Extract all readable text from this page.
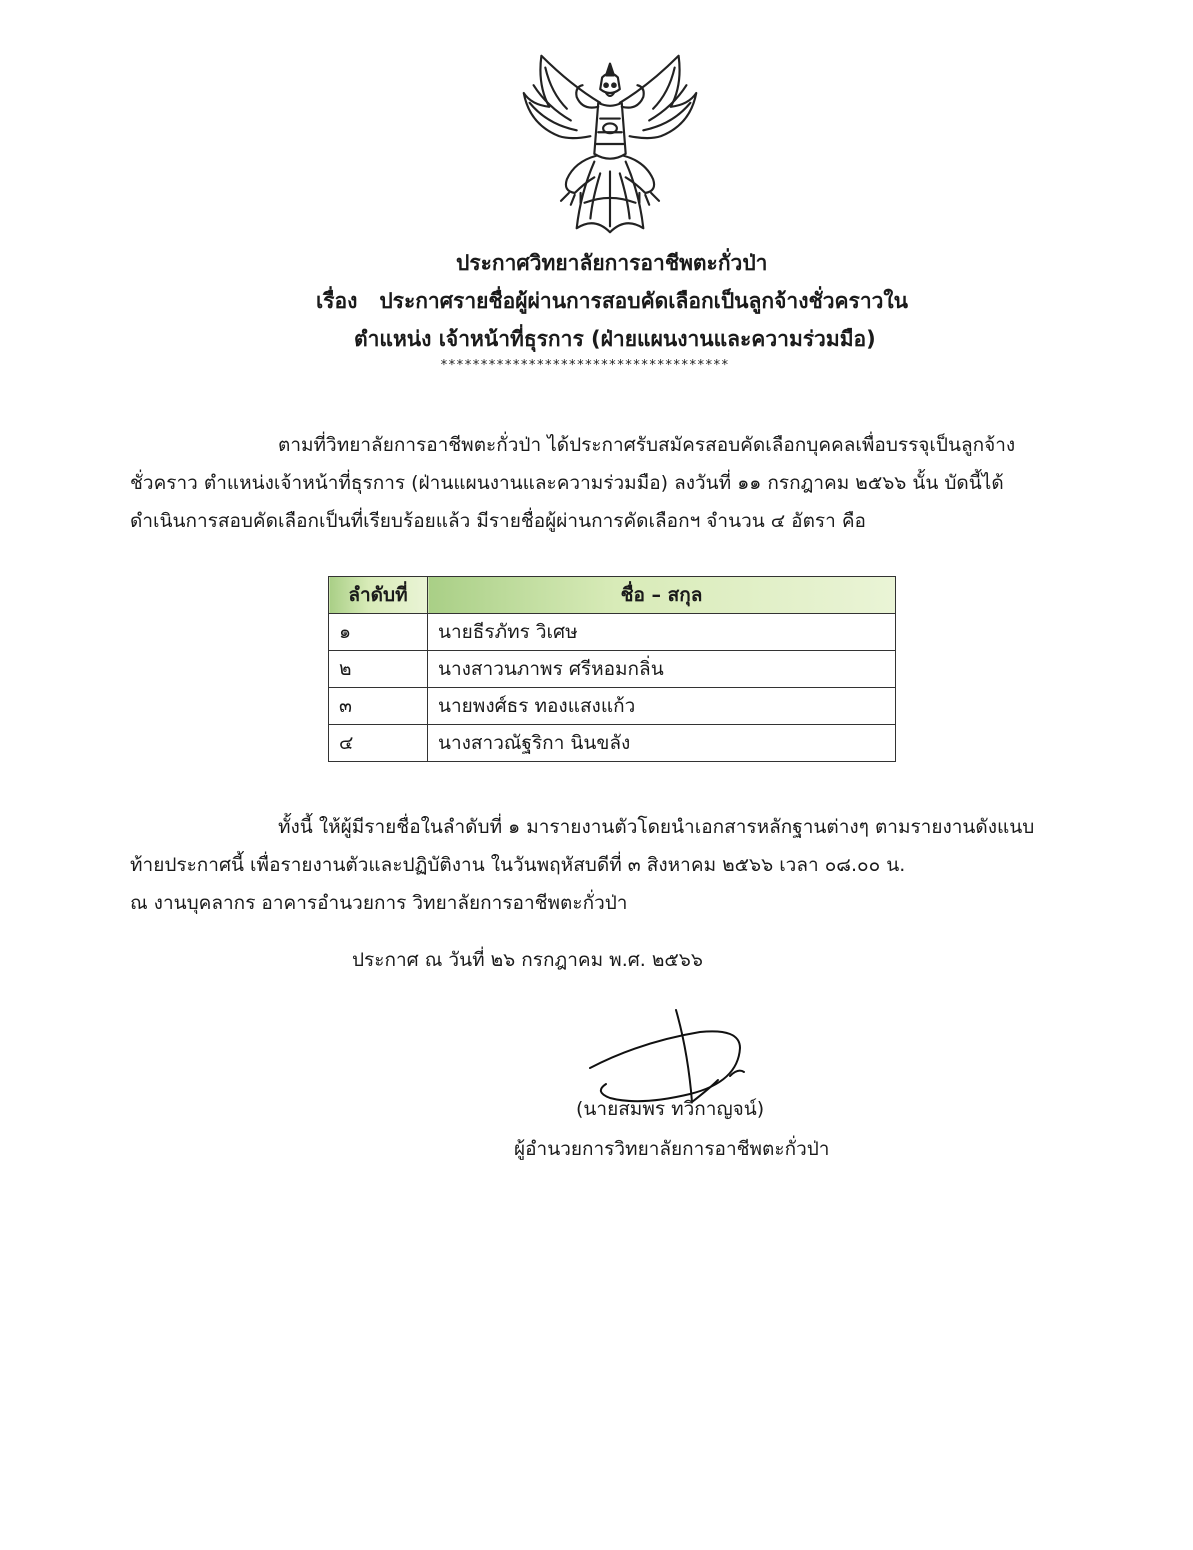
ประกาศวิทยาลัยการอาชีพตะกั่วป่า
เรื่อง ประกาศรายชื่อผู้ผ่านการสอบคัดเลือกเป็นลูกจ้างชั่วคราวใน
ตำแหน่ง เจ้าหน้าที่ธุรการ (ฝ่ายแผนงานและความร่วมมือ)
************************************
ตามที่วิทยาลัยการอาชีพตะกั่วป่า ได้ประกาศรับสมัครสอบคัดเลือกบุคคลเพื่อบรรจุเป็นลูกจ้าง
ชั่วคราว ตำแหน่งเจ้าหน้าที่ธุรการ (ฝ่านแผนงานและความร่วมมือ) ลงวันที่ ๑๑ กรกฎาคม ๒๕๖๖ นั้น บัดนี้ได้
ดำเนินการสอบคัดเลือกเป็นที่เรียบร้อยแล้ว มีรายชื่อผู้ผ่านการคัดเลือกฯ จำนวน ๔ อัตรา คือ
ลำดับที่	ชื่อ – สกุล
๑	นายธีรภัทร วิเศษ
๒	นางสาวนภาพร ศรีหอมกลิ่น
๓	นายพงศ์ธร ทองแสงแก้ว
๔	นางสาวณัฐริกา นินขลัง
ทั้งนี้ ให้ผู้มีรายชื่อในลำดับที่ ๑ มารายงานตัวโดยนำเอกสารหลักฐานต่างๆ ตามรายงานดังแนบ
ท้ายประกาศนี้ เพื่อรายงานตัวและปฏิบัติงาน ในวันพฤหัสบดีที่ ๓ สิงหาคม ๒๕๖๖ เวลา ๐๘.๐๐ น.
ณ งานบุคลากร อาคารอำนวยการ วิทยาลัยการอาชีพตะกั่วป่า
ประกาศ ณ วันที่ ๒๖ กรกฎาคม พ.ศ. ๒๕๖๖
(นายสมพร ทวีกาญจน์)
ผู้อำนวยการวิทยาลัยการอาชีพตะกั่วป่า
